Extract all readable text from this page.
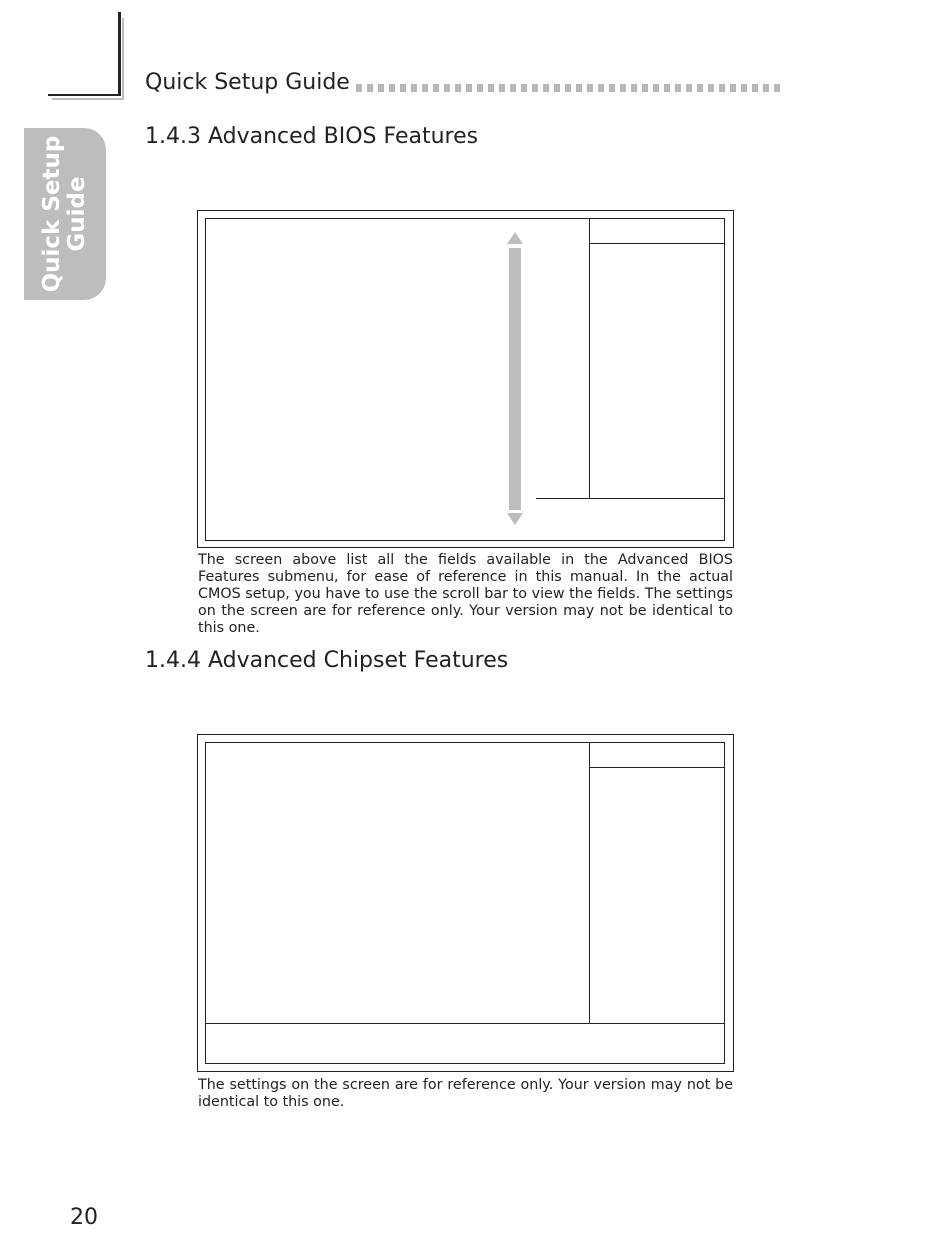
Quick Setup Guide
Quick Setup Guide
1.4.3 Advanced BIOS Features
The screen above list all the fields available in the Advanced BIOS Features submenu, for ease of reference in this manual. In the actual CMOS setup, you have to use the scroll bar to view the fields. The settings on the screen are for reference only. Your version may not be identical to this one.
1.4.4 Advanced Chipset Features
The settings on the screen are for reference only. Your version may not be identical to this one.
20
